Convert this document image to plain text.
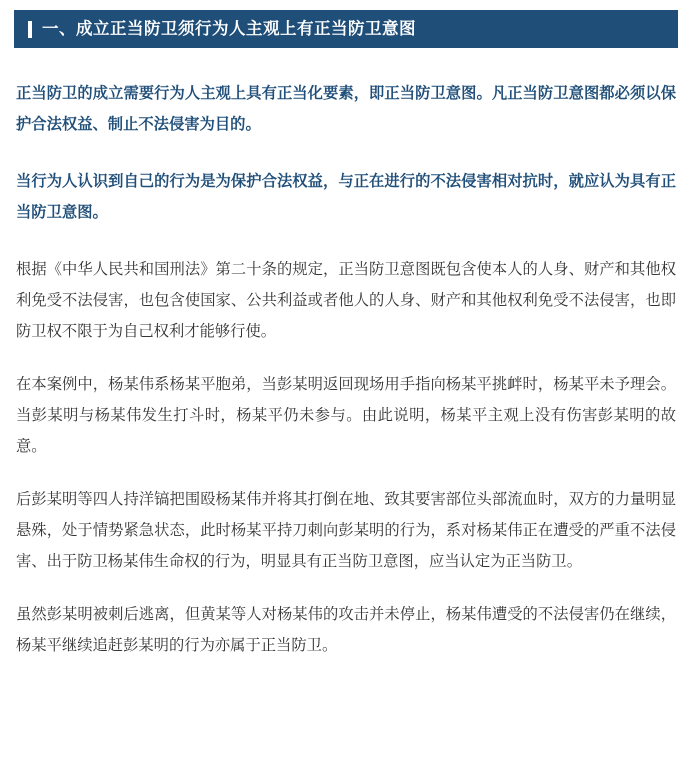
一、成立正当防卫须行为人主观上有正当防卫意图

正当防卫的成立需要行为人主观上具有正当化要素，即正当防卫意图。凡正当防卫意图都必须以保护合法权益、制止不法侵害为目的。

当行为人认识到自己的行为是为保护合法权益，与正在进行的不法侵害相对抗时，就应认为具有正当防卫意图。

根据《中华人民共和国刑法》第二十条的规定，正当防卫意图既包含使本人的人身、财产和其他权利免受不法侵害，也包含使国家、公共利益或者他人的人身、财产和其他权利免受不法侵害，也即防卫权不限于为自己权利才能够行使。

在本案例中，杨某伟系杨某平胞弟，当彭某明返回现场用手指向杨某平挑衅时，杨某平未予理会。当彭某明与杨某伟发生打斗时，杨某平仍未参与。由此说明，杨某平主观上没有伤害彭某明的故意。

后彭某明等四人持洋镐把围殴杨某伟并将其打倒在地、致其要害部位头部流血时，双方的力量明显悬殊，处于情势紧急状态，此时杨某平持刀刺向彭某明的行为，系对杨某伟正在遭受的严重不法侵害、出于防卫杨某伟生命权的行为，明显具有正当防卫意图，应当认定为正当防卫。

虽然彭某明被刺后逃离，但黄某等人对杨某伟的攻击并未停止，杨某伟遭受的不法侵害仍在继续，杨某平继续追赶彭某明的行为亦属于正当防卫。
